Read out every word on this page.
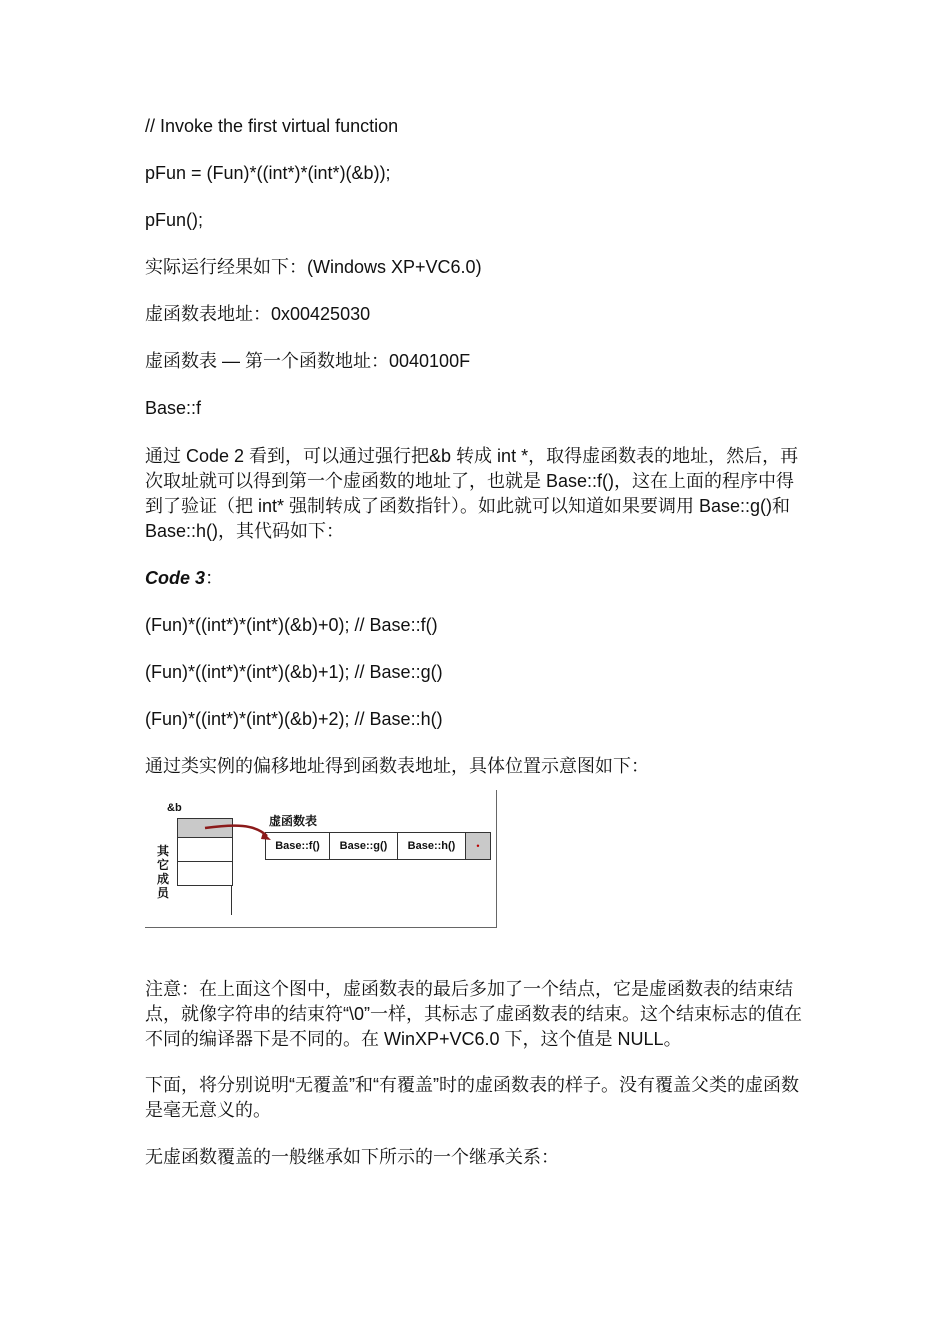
// Invoke the first virtual function

pFun = (Fun)*((int*)*(int*)(&b));

pFun();

实际运行经果如下：(Windows XP+VC6.0)

虚函数表地址：0x00425030

虚函数表 — 第一个函数地址：0040100F

Base::f

通过 Code 2 看到，可以通过强行把&b 转成 int *，取得虚函数表的地址，然后，再次取址就可以得到第一个虚函数的地址了，也就是 Base::f()，这在上面的程序中得到了验证（把 int* 强制转成了函数指针）。如此就可以知道如果要调用 Base::g()和 Base::h()，其代码如下：

Code 3：

(Fun)*((int*)*(int*)(&b)+0); // Base::f()

(Fun)*((int*)*(int*)(&b)+1); // Base::g()

(Fun)*((int*)*(int*)(&b)+2); // Base::h()

通过类实例的偏移地址得到函数表地址，具体位置示意图如下：

&b
其它成员
虚函数表
Base::f()	Base::g()	Base::h()	•

注意：在上面这个图中，虚函数表的最后多加了一个结点，它是虚函数表的结束结点，就像字符串的结束符“\0”一样，其标志了虚函数表的结束。这个结束标志的值在不同的编译器下是不同的。在 WinXP+VC6.0 下，这个值是 NULL。

下面，将分别说明“无覆盖”和“有覆盖”时的虚函数表的样子。没有覆盖父类的虚函数是毫无意义的。

无虚函数覆盖的一般继承如下所示的一个继承关系：
